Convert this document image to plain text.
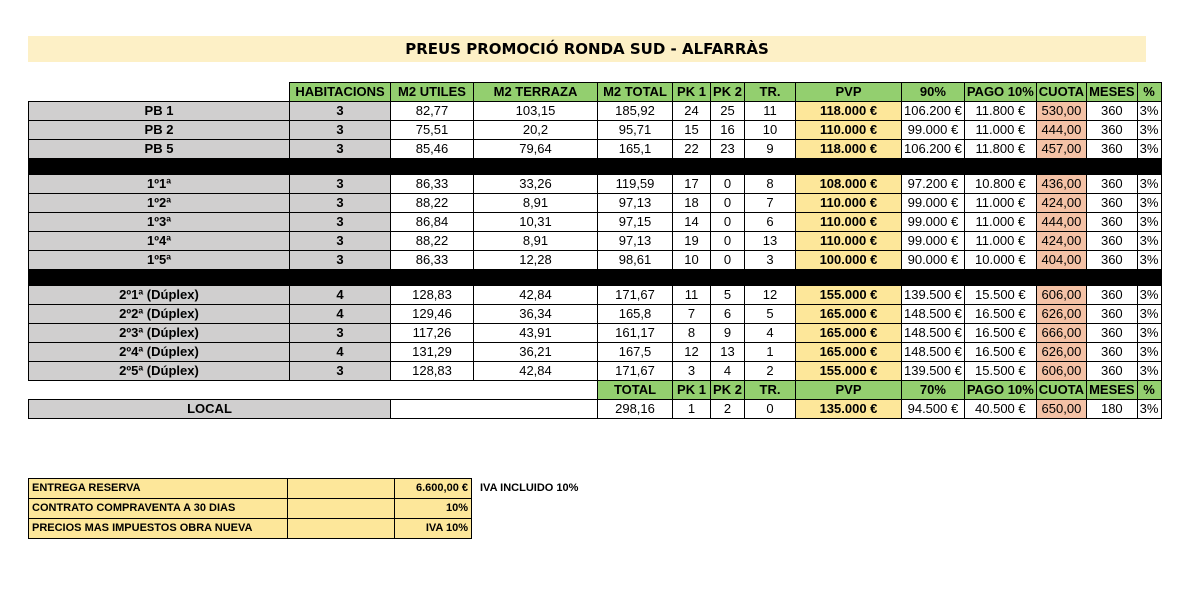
PREUS PROMOCIÓ RONDA SUD - ALFARRÀS
	HABITACIONS	M2 UTILES	M2 TERRAZA	M2 TOTAL	PK 1	PK 2	TR.	PVP	90%	PAGO 10%	CUOTA	MESES	%
PB 1	3	82,77	103,15	185,92	24	25	11	118.000 €	106.200 €	11.800 €	530,00	360	3%
PB 2	3	75,51	20,2	95,71	15	16	10	110.000 €	99.000 €	11.000 €	444,00	360	3%
PB 5	3	85,46	79,64	165,1	22	23	9	118.000 €	106.200 €	11.800 €	457,00	360	3%

1º1ª	3	86,33	33,26	119,59	17	0	8	108.000 €	97.200 €	10.800 €	436,00	360	3%
1º2ª	3	88,22	8,91	97,13	18	0	7	110.000 €	99.000 €	11.000 €	424,00	360	3%
1º3ª	3	86,84	10,31	97,15	14	0	6	110.000 €	99.000 €	11.000 €	444,00	360	3%
1º4ª	3	88,22	8,91	97,13	19	0	13	110.000 €	99.000 €	11.000 €	424,00	360	3%
1º5ª	3	86,33	12,28	98,61	10	0	3	100.000 €	90.000 €	10.000 €	404,00	360	3%

2º1ª (Dúplex)	4	128,83	42,84	171,67	11	5	12	155.000 €	139.500 €	15.500 €	606,00	360	3%
2º2ª (Dúplex)	4	129,46	36,34	165,8	7	6	5	165.000 €	148.500 €	16.500 €	626,00	360	3%
2º3ª (Dúplex)	3	117,26	43,91	161,17	8	9	4	165.000 €	148.500 €	16.500 €	666,00	360	3%
2º4ª (Dúplex)	4	131,29	36,21	167,5	12	13	1	165.000 €	148.500 €	16.500 €	626,00	360	3%
2º5ª (Dúplex)	3	128,83	42,84	171,67	3	4	2	155.000 €	139.500 €	15.500 €	606,00	360	3%
				TOTAL	PK 1	PK 2	TR.	PVP	70%	PAGO 10%	CUOTA	MESES	%
LOCAL				298,16	1	2	0	135.000 €	94.500 €	40.500 €	650,00	180	3%
ENTREGA RESERVA		6.600,00 €	IVA INCLUIDO 10%
CONTRATO COMPRAVENTA A 30 DIAS		10%	
PRECIOS MAS IMPUESTOS OBRA NUEVA		IVA 10%	
